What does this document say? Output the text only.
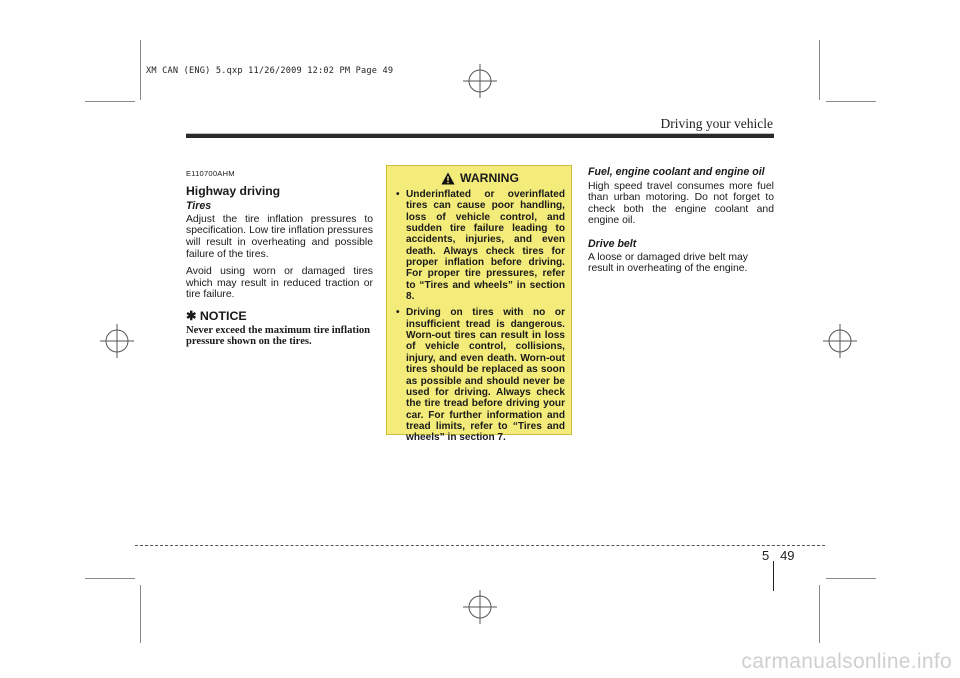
XM CAN (ENG) 5.qxp 11/26/2009 12:02 PM Page 49
Driving your vehicle
E110700AHM
Highway driving
Tires

Adjust the tire inflation pressures to specification. Low tire inflation pressures will result in overheating and possible failure of the tires.

Avoid using worn or damaged tires which may result in reduced traction or tire failure.

✱ NOTICE
Never exceed the maximum tire inflation pressure shown on the tires.
WARNING
• Underinflated or overinflated tires can cause poor handling, loss of vehicle control, and sudden tire failure leading to accidents, injuries, and even death. Always check tires for proper inflation before driving. For proper tire pressures, refer to “Tires and wheels” in section 8.
• Driving on tires with no or insufficient tread is dangerous. Worn-out tires can result in loss of vehicle control, collisions, injury, and even death. Worn-out tires should be replaced as soon as possible and should never be used for driving. Always check the tire tread before driving your car. For further information and tread limits, refer to “Tires and wheels” in section 7.
Fuel, engine coolant and engine oil

High speed travel consumes more fuel than urban motoring. Do not forget to check both the engine coolant and engine oil.

Drive belt

A loose or damaged drive belt may result in overheating of the engine.

5 49
carmanualsonline.info
